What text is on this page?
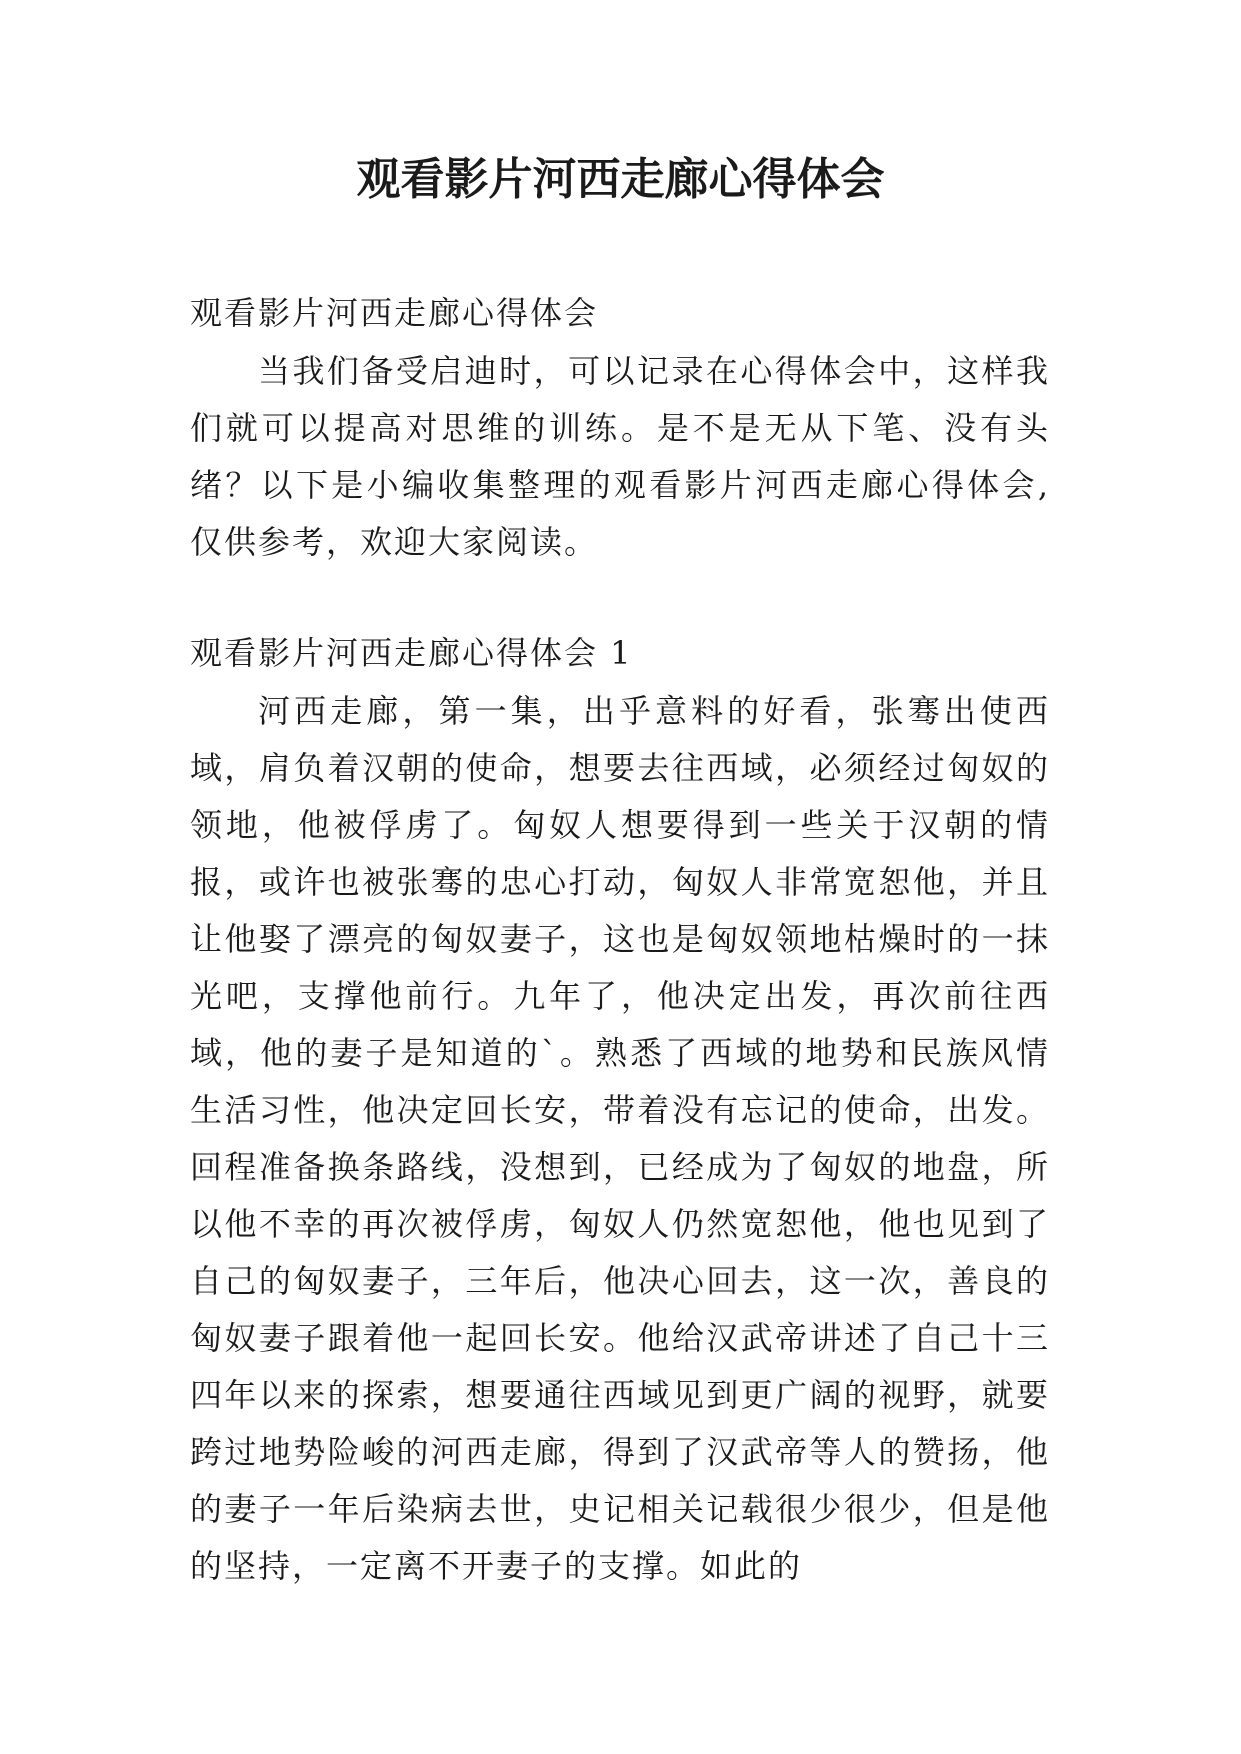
观看影片河西走廊心得体会

观看影片河西走廊心得体会

当我们备受启迪时，可以记录在心得体会中，这样我们就可以提高对思维的训练。是不是无从下笔、没有头绪？以下是小编收集整理的观看影片河西走廊心得体会,仅供参考，欢迎大家阅读。

观看影片河西走廊心得体会 1

河西走廊，第一集，出乎意料的好看，张骞出使西域，肩负着汉朝的使命，想要去往西域，必须经过匈奴的领地，他被俘虏了。匈奴人想要得到一些关于汉朝的情报，或许也被张骞的忠心打动，匈奴人非常宽恕他，并且让他娶了漂亮的匈奴妻子，这也是匈奴领地枯燥时的一抹光吧，支撑他前行。九年了，他决定出发，再次前往西域，他的妻子是知道的`。熟悉了西域的地势和民族风情生活习性，他决定回长安，带着没有忘记的使命，出发。回程准备换条路线，没想到，已经成为了匈奴的地盘，所以他不幸的再次被俘虏，匈奴人仍然宽恕他，他也见到了自己的匈奴妻子，三年后，他决心回去，这一次，善良的匈奴妻子跟着他一起回长安。他给汉武帝讲述了自己十三四年以来的探索，想要通往西域见到更广阔的视野，就要跨过地势险峻的河西走廊，得到了汉武帝等人的赞扬，他的妻子一年后染病去世，史记相关记载很少很少，但是他的坚持，一定离不开妻子的支撑。如此的
